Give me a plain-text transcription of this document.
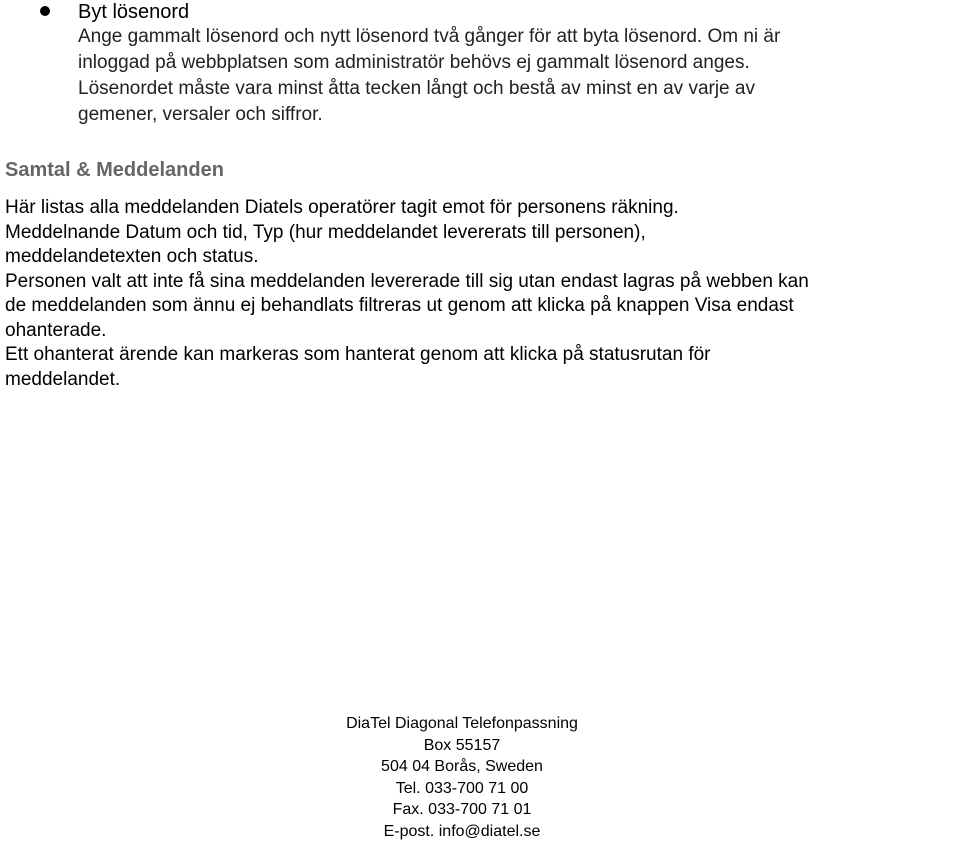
Byt lösenord
Ange gammalt lösenord och nytt lösenord två gånger för att byta lösenord. Om ni är
inloggad på webbplatsen som administratör behövs ej gammalt lösenord anges.
Lösenordet måste vara minst åtta tecken långt och bestå av minst en av varje av
gemener, versaler och siffror.
Samtal & Meddelanden
Här listas alla meddelanden Diatels operatörer tagit emot för personens räkning.
Meddelnande Datum och tid, Typ (hur meddelandet levererats till personen),
meddelandetexten och status.
Personen valt att inte få sina meddelanden levererade till sig utan endast lagras på webben kan
de meddelanden som ännu ej behandlats filtreras ut genom att klicka på knappen Visa endast
ohanterade.
Ett ohanterat ärende kan markeras som hanterat genom att klicka på statusrutan för
meddelandet.
DiaTel Diagonal Telefonpassning
Box 55157
504 04 Borås, Sweden
Tel. 033-700 71 00
Fax. 033-700 71 01
E-post. info@diatel.se
